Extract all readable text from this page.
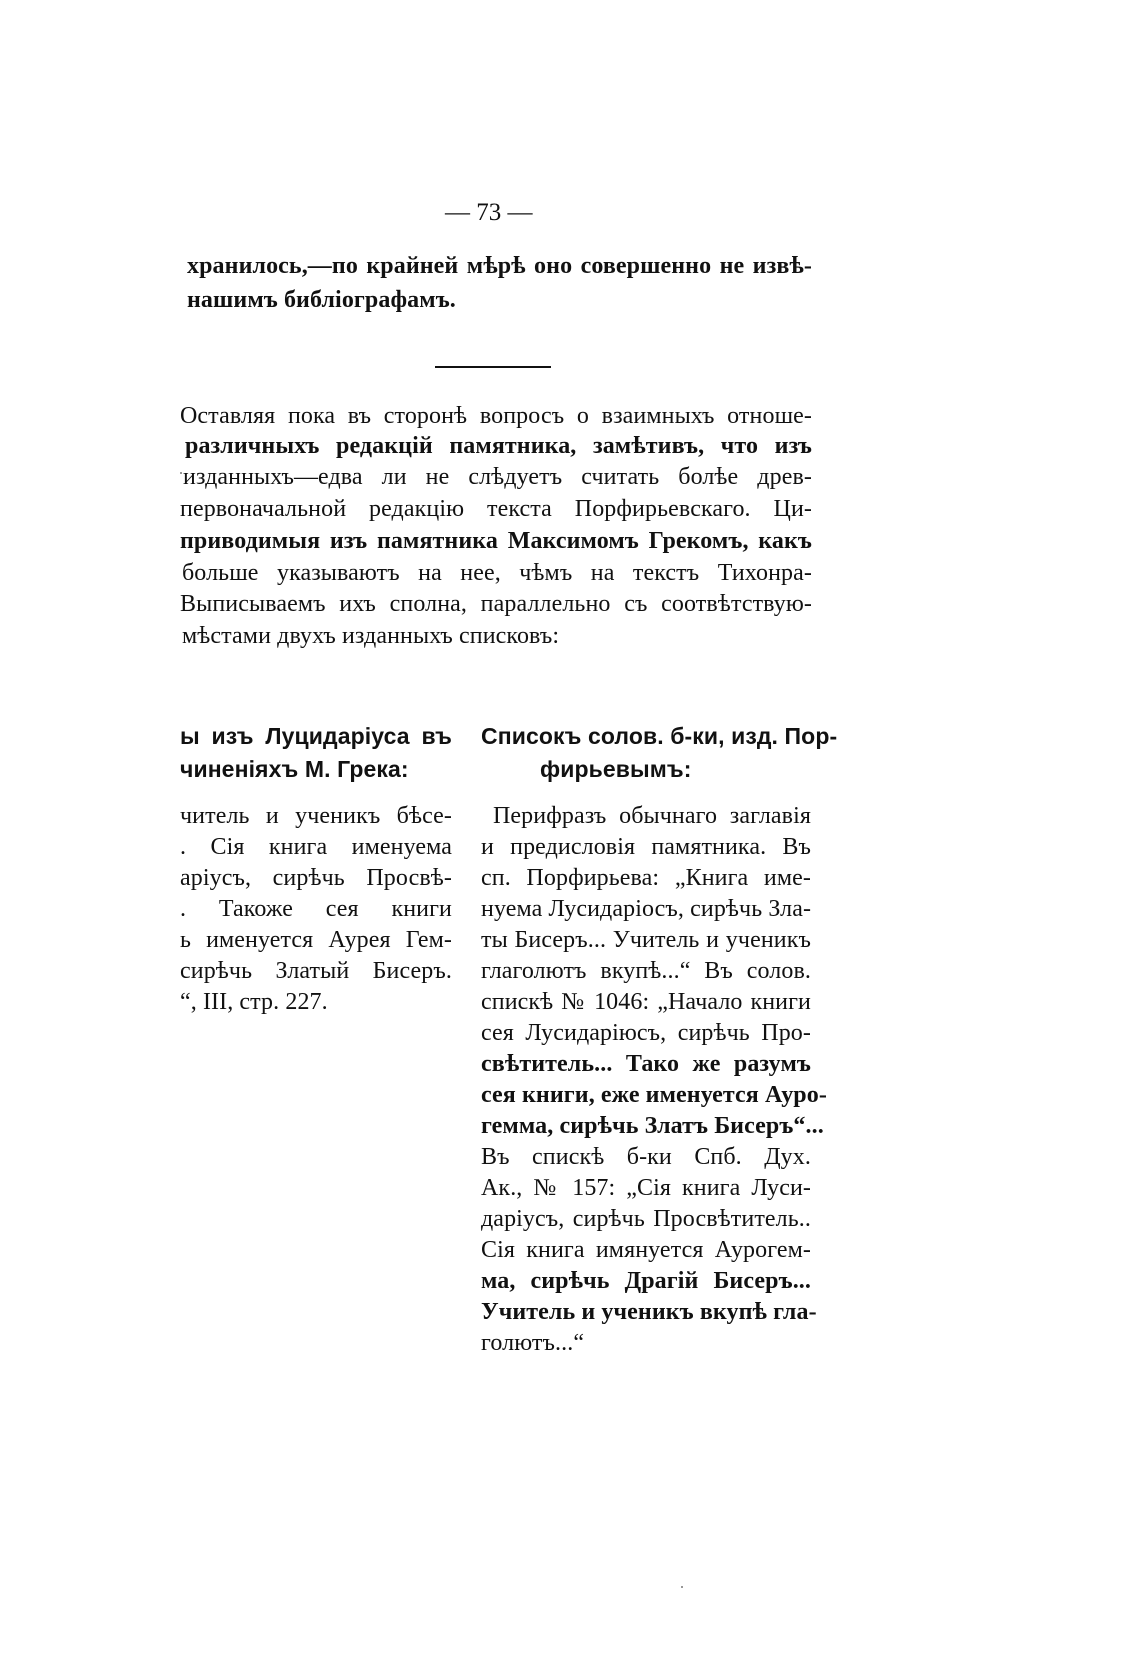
— 73 —
хранилось,—по крайней мѣрѣ оно совершенно не извѣ-
нашимъ библіографамъ.
Оставляя пока въ сторонѣ вопросъ о взаимныхъ отноше-
различныхъ редакцій памятника, замѣтивъ, что изъ
изданныхъ—едва ли не слѣдуетъ считать болѣе древ-
первоначальной редакцію текста Порфирьевскаго. Ци-
приводимыя изъ памятника Максимомъ Грекомъ, какъ
больше указываютъ на нее, чѣмъ на текстъ Тихонра-
Выписываемъ ихъ сполна, параллельно съ соотвѣтствую-
мѣстами двухъ изданныхъ списковъ:
ы изъ Луцидаріуса въ
чиненіяхъ М. Грека:
читель и ученикъ бѣсе-
. Сія книга именуема
аріусъ, сирѣчь Просвѣ-
. Такоже сея книги
ь именуется Аурея Гем-
сирѣчь Златый Бисеръ.
“, III, стр. 227.
Списокъ солов. б-ки, изд. Пор-
фирьевымъ:
Перифразъ обычнаго заглавія
и предисловія памятника. Въ
сп. Порфирьева: „Книга име-
нуема Лусидаріосъ, сирѣчь Зла-
ты Бисеръ... Учитель и ученикъ
глаголютъ вкупѣ...“ Въ солов.
спискѣ № 1046: „Начало книги
сея Лусидаріюсъ, сирѣчь Про-
свѣтитель... Тако же разумъ
сея книги, еже именуется Ауро-
гемма, сирѣчь Златъ Бисеръ“...
Въ спискѣ б-ки Спб. Дух.
Ак., № 157: „Сія книга Луси-
даріусъ, сирѣчь Просвѣтитель..
Сія книга имянуется Аурогем-
ма, сирѣчь Драгій Бисеръ...
Учитель и ученикъ вкупѣ гла-
голютъ...“
